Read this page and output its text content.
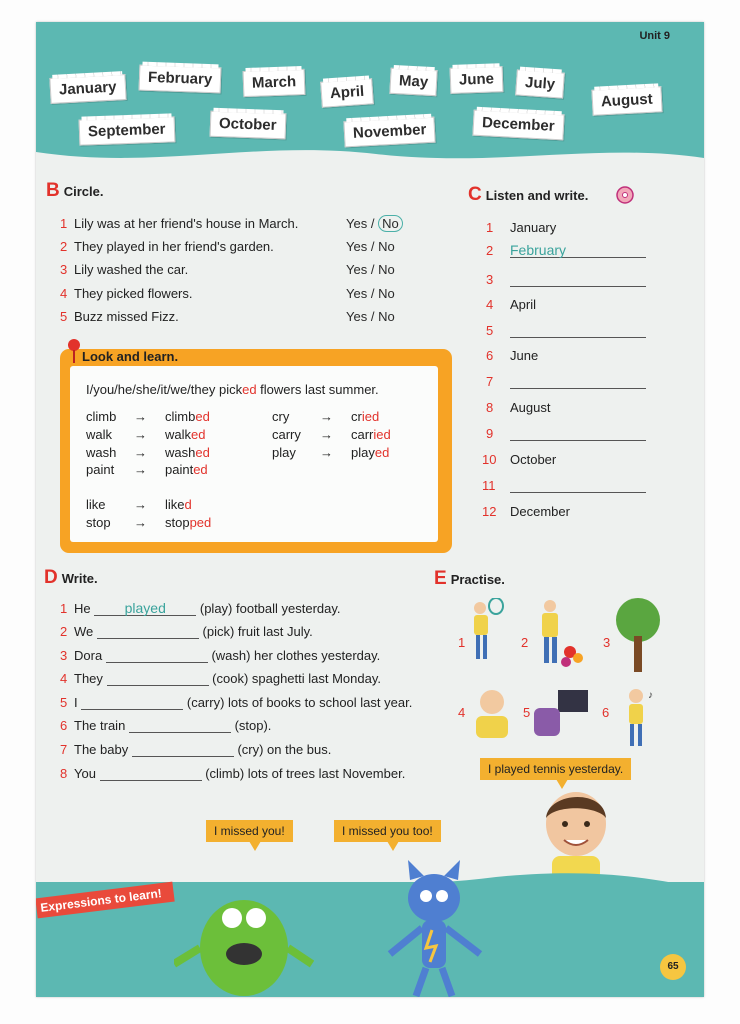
Unit 9
January
February	March
April
May	June	July
August
September	October	November	December
B Circle.
1 Lily was at her friend's house in March.	Yes / No
2 They played in her friend's garden.	Yes / No
3 Lily washed the car.	Yes / No
4 They picked flowers.	Yes / No
5 Buzz missed Fizz.	Yes / No
Look and learn.
I/you/he/she/it/we/they picked flowers last summer.
climb → climbed
walk → walked
wash → washed
paint → painted
cry → cried
carry → carried
play → played
like → liked
stop → stopped
C Listen and write.
1 January
2 February
3
4 April
5
6 June
7
8 August
9
10 October
11
12 December
D Write.
1 He played	(play) football yesterday.
2 We	(pick) fruit last July.
3 Dora	(wash) her clothes yesterday.
4 They	(cook) spaghetti last Monday.
5 I	(carry) lots of books to school last year.
6 The train	(stop).
7 The baby	(cry) on the bus.
8 You	(climb) lots of trees last November.
E Practise.
1	2	3
4	5	6
♪
I played tennis yesterday.
Expressions to learn!
I missed you!	I missed you too!
65
